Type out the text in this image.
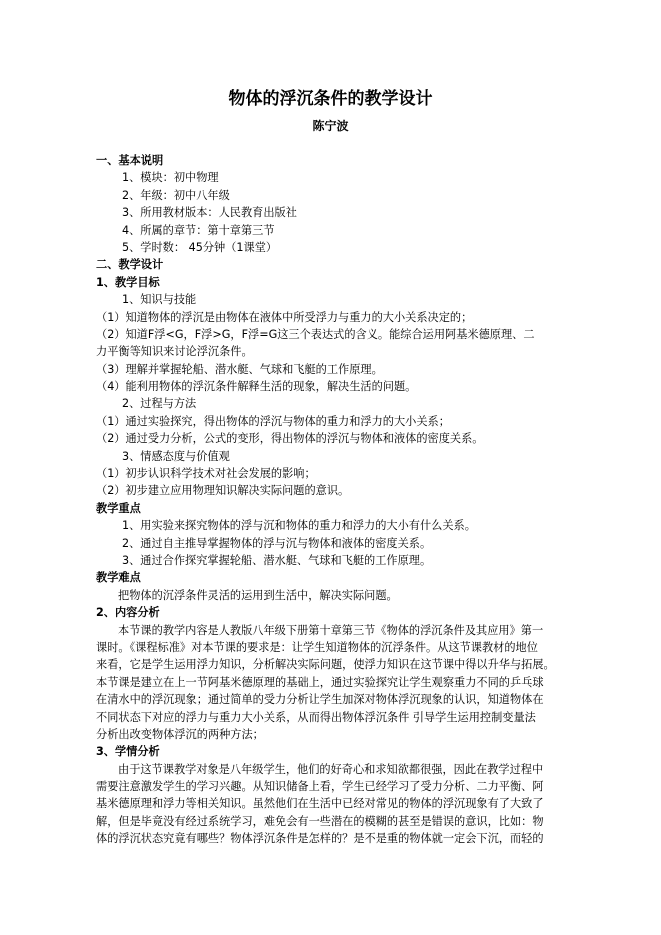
物体的浮沉条件的教学设计
陈宁波
一、基本说明
1、模块：初中物理
2、年级：初中八年级
3、所用教材版本：人民教育出版社
4、所属的章节：第十章第三节
5、学时数： 45分钟（1课堂）
二、教学设计
1、教学目标
1、知识与技能
（1）知道物体的浮沉是由物体在液体中所受浮力与重力的大小关系决定的；
（2）知道F浮<G，F浮>G，F浮=G这三个表达式的含义。能综合运用阿基米德原理、二
力平衡等知识来讨论浮沉条件。
（3）理解并掌握轮船、潜水艇、气球和飞艇的工作原理。
（4）能利用物体的浮沉条件解释生活的现象，解决生活的问题。
2、过程与方法
（1）通过实验探究，得出物体的浮沉与物体的重力和浮力的大小关系；
（2）通过受力分析，公式的变形，得出物体的浮沉与物体和液体的密度关系。
3、情感态度与价值观
（1）初步认识科学技术对社会发展的影响；
（2）初步建立应用物理知识解决实际问题的意识。
教学重点
1、用实验来探究物体的浮与沉和物体的重力和浮力的大小有什么关系。
2、通过自主推导掌握物体的浮与沉与物体和液体的密度关系。
3、通过合作探究掌握轮船、潜水艇、气球和飞艇的工作原理。
教学难点
把物体的沉浮条件灵活的运用到生活中，解决实际问题。
2、内容分析
本节课的教学内容是人教版八年级下册第十章第三节《物体的浮沉条件及其应用》第一
课时。《课程标准》对本节课的要求是：让学生知道物体的沉浮条件。从这节课教材的地位
来看，它是学生运用浮力知识，分析解决实际问题，使浮力知识在这节课中得以升华与拓展。
本节课是建立在上一节阿基米德原理的基础上，通过实验探究让学生观察重力不同的乒乓球
在清水中的浮沉现象；通过简单的受力分析让学生加深对物体浮沉现象的认识，知道物体在
不同状态下对应的浮力与重力大小关系，从而得出物体浮沉条件 引导学生运用控制变量法
分析出改变物体浮沉的两种方法；
3、学情分析
由于这节课教学对象是八年级学生，他们的好奇心和求知欲都很强，因此在教学过程中
需要注意激发学生的学习兴趣。从知识储备上看，学生已经学习了受力分析、二力平衡、阿
基米德原理和浮力等相关知识。虽然他们在生活中已经对常见的物体的浮沉现象有了大致了
解，但是毕竟没有经过系统学习，难免会有一些潜在的模糊的甚至是错误的意识，比如：物
体的浮沉状态究竟有哪些？物体浮沉条件是怎样的？是不是重的物体就一定会下沉，而轻的
